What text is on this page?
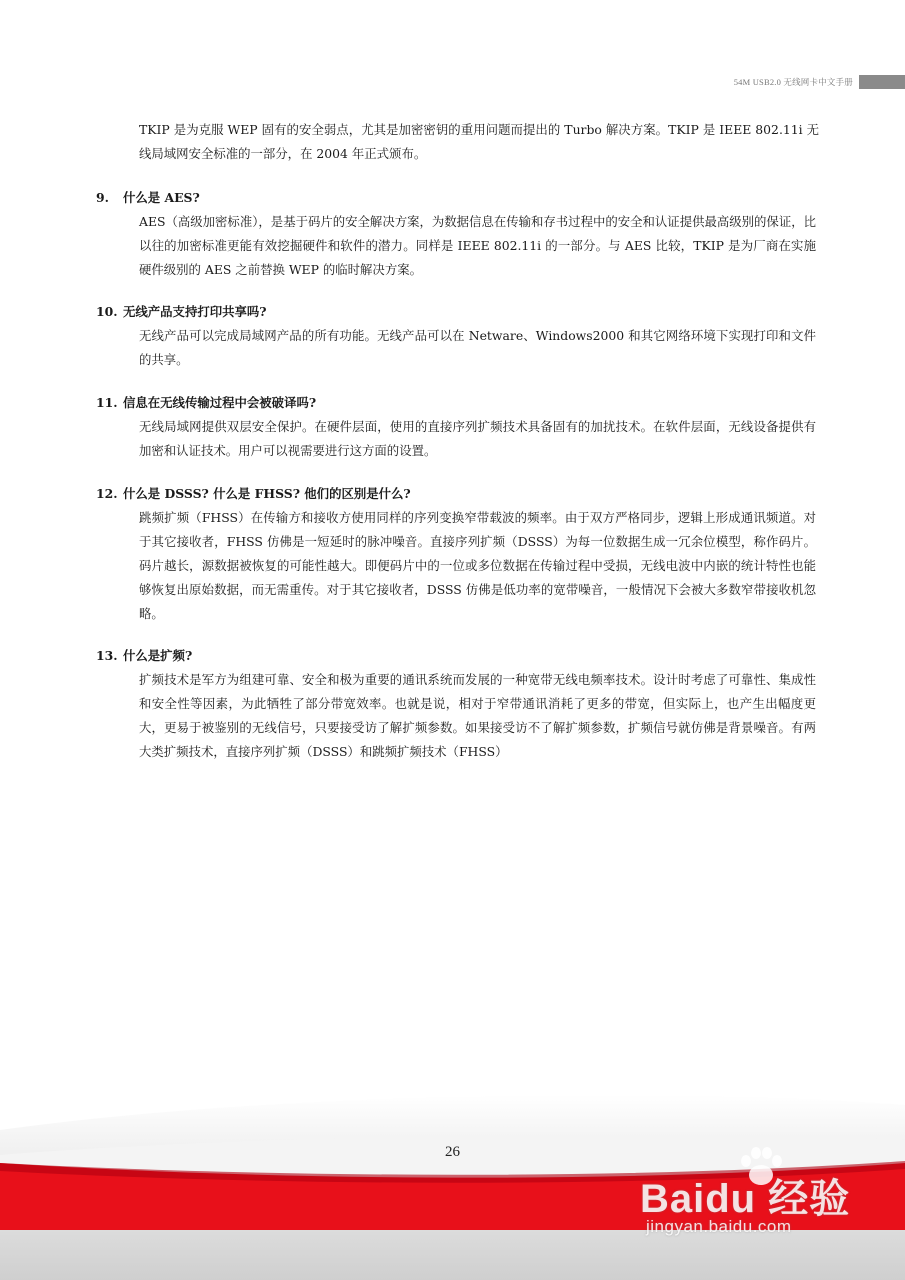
54M USB2.0 无线网卡中文手册

TKIP 是为克服 WEP 固有的安全弱点，尤其是加密密钥的重用问题而提出的 Turbo 解决方案。TKIP 是 IEEE 802.11i 无线局域网安全标准的一部分，在 2004 年正式颁布。

9.	什么是 AES?

AES（高级加密标准），是基于码片的安全解决方案，为数据信息在传输和存书过程中的安全和认证提供最高级别的保证，比以往的加密标准更能有效挖掘硬件和软件的潜力。同样是 IEEE 802.11i 的一部分。与 AES 比较，TKIP 是为厂商在实施硬件级别的 AES 之前替换 WEP 的临时解决方案。

10. 无线产品支持打印共享吗?

无线产品可以完成局域网产品的所有功能。无线产品可以在 Netware、Windows2000 和其它网络环境下实现打印和文件的共享。

11. 信息在无线传输过程中会被破译吗?

无线局域网提供双层安全保护。在硬件层面，使用的直接序列扩频技术具备固有的加扰技术。在软件层面，无线设备提供有加密和认证技术。用户可以视需要进行这方面的设置。

12. 什么是 DSSS? 什么是 FHSS? 他们的区别是什么?

跳频扩频（FHSS）在传输方和接收方使用同样的序列变换窄带载波的频率。由于双方严格同步，逻辑上形成通讯频道。对于其它接收者，FHSS 仿佛是一短延时的脉冲噪音。直接序列扩频（DSSS）为每一位数据生成一冗余位模型，称作码片。码片越长，源数据被恢复的可能性越大。即便码片中的一位或多位数据在传输过程中受损，无线电波中内嵌的统计特性也能够恢复出原始数据，而无需重传。对于其它接收者，DSSS 仿佛是低功率的宽带噪音，一般情况下会被大多数窄带接收机忽略。

13. 什么是扩频?

扩频技术是军方为组建可靠、安全和极为重要的通讯系统而发展的一种宽带无线电频率技术。设计时考虑了可靠性、集成性和安全性等因素，为此牺牲了部分带宽效率。也就是说，相对于窄带通讯消耗了更多的带宽，但实际上，也产生出幅度更大，更易于被鉴别的无线信号，只要接受访了解扩频参数。如果接受访不了解扩频参数，扩频信号就仿佛是背景噪音。有两大类扩频技术，直接序列扩频（DSSS）和跳频扩频技术（FHSS）

26
Baidu 经验
jingyan.baidu.com
